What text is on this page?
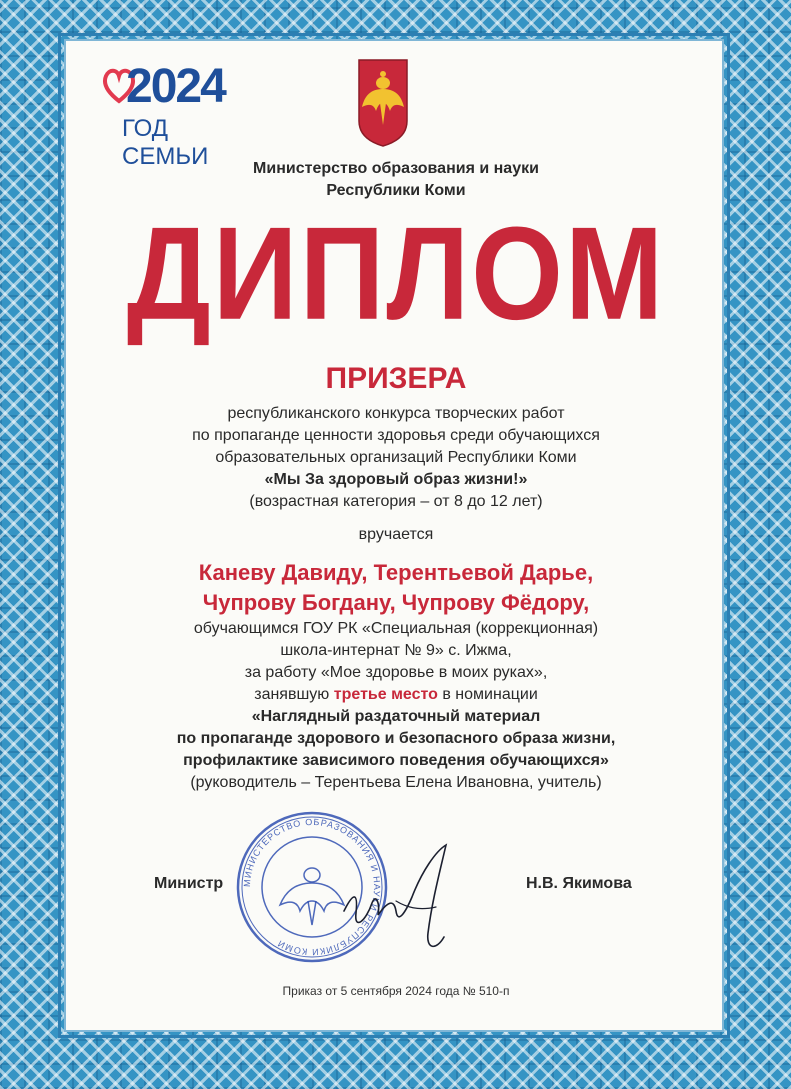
2024
ГОД СЕМЬИ	Министерство образования и науки
Республики Коми
ДИПЛОМ
ПРИЗЕРА

республиканского конкурса творческих работ

по пропаганде ценности здоровья среди обучающихся

образовательных организаций Республики Коми

«Мы За здоровый образ жизни!»

(возрастная категория – от 8 до 12 лет)

вручается

Каневу Давиду, Терентьевой Дарье,

Чупрову Богдану, Чупрову Фёдору,

обучающимся ГОУ РК «Специальная (коррекционная)

школа-интернат № 9» с. Ижма,

за работу «Мое здоровье в моих руках»,

занявшую третье место в номинации

«Наглядный раздаточный материал

по пропаганде здорового и безопасного образа жизни,

профилактике зависимого поведения обучающихся»

(руководитель – Терентьева Елена Ивановна, учитель)

Министр	Н.В. Якимова
МИНИСТЕРСТВО ОБРАЗОВАНИЯ И НАУКИ РЕСПУБЛИКИ КОМИ
Приказ от 5 сентября 2024 года № 510-п
